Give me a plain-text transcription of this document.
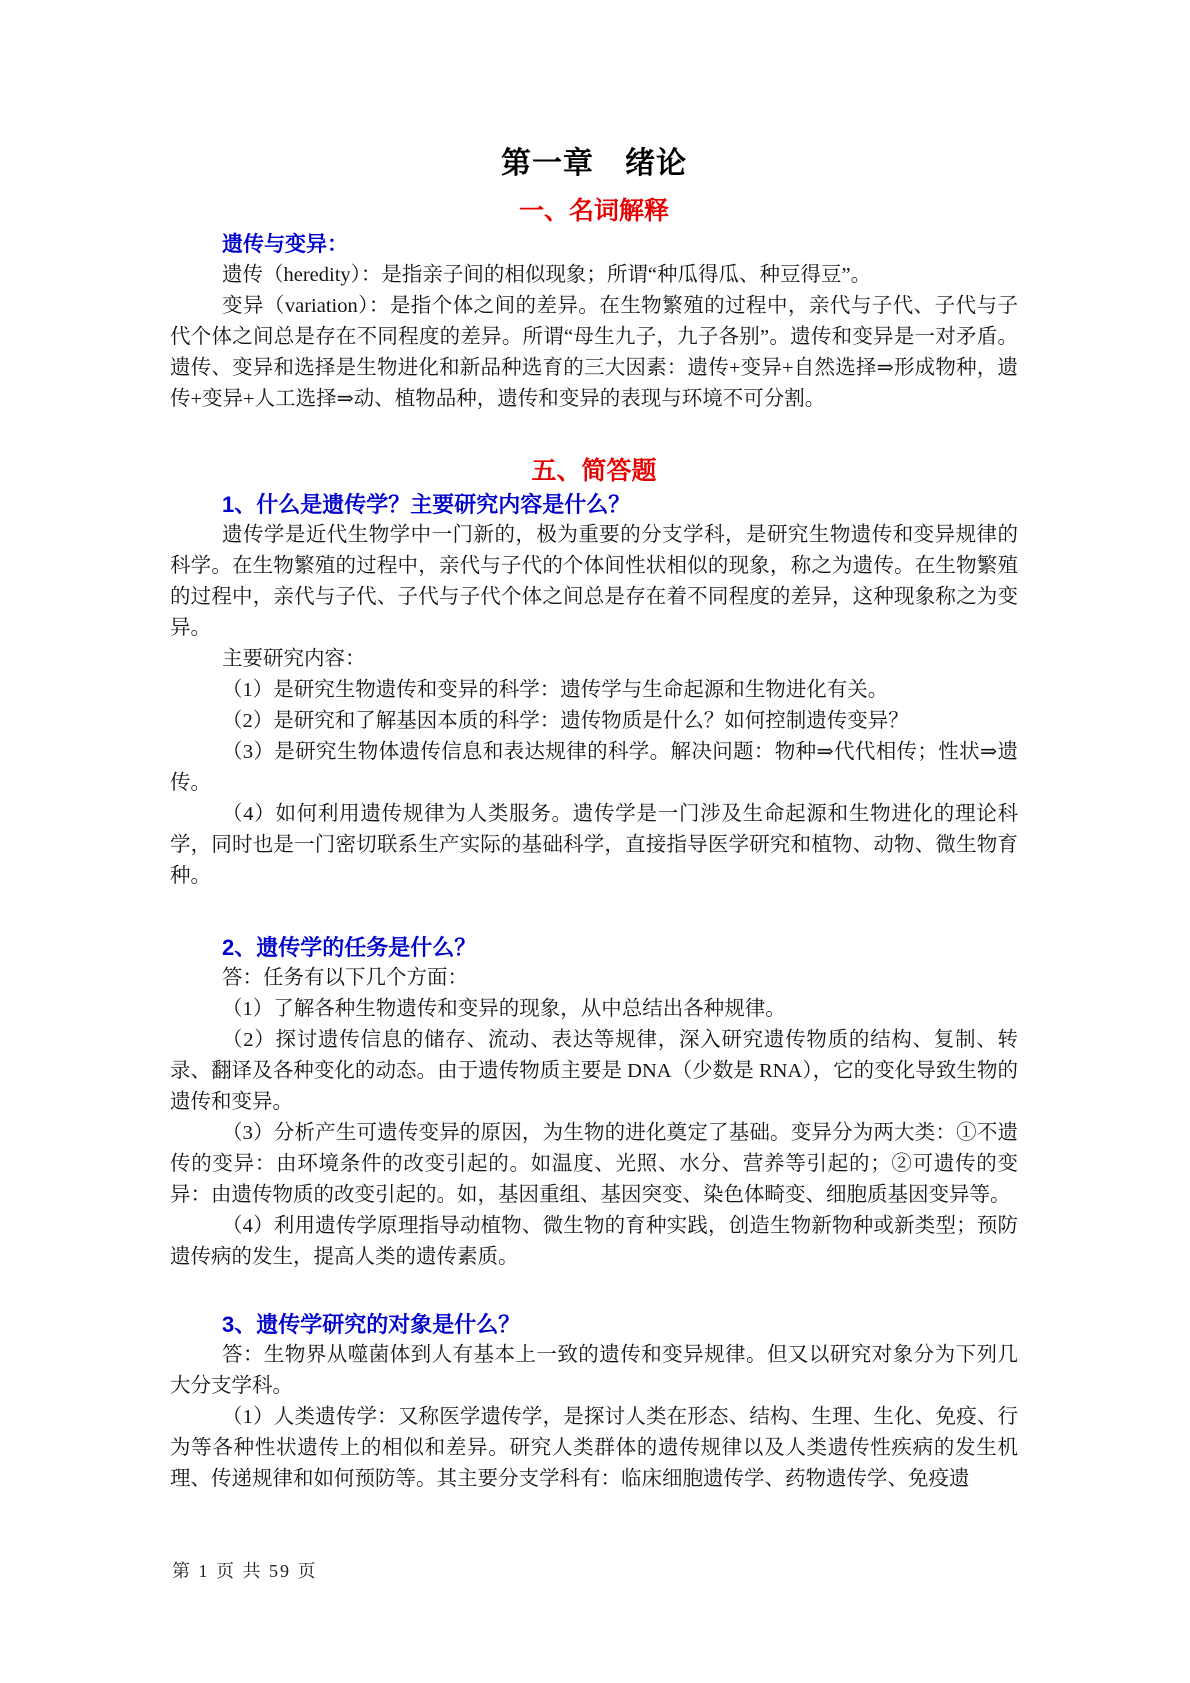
第一章　绪论
一、名词解释

遗传与变异：

遗传（heredity）：是指亲子间的相似现象；所谓“种瓜得瓜、种豆得豆”。

变异（variation）：是指个体之间的差异。在生物繁殖的过程中，亲代与子代、子代与子代个体之间总是存在不同程度的差异。所谓“母生九子，九子各别”。遗传和变异是一对矛盾。遗传、变异和选择是生物进化和新品种选育的三大因素：遗传+变异+自然选择⇒形成物种，遗传+变异+人工选择⇒动、植物品种，遗传和变异的表现与环境不可分割。

五、简答题

1、什么是遗传学？主要研究内容是什么？

遗传学是近代生物学中一门新的，极为重要的分支学科，是研究生物遗传和变异规律的科学。在生物繁殖的过程中，亲代与子代的个体间性状相似的现象，称之为遗传。在生物繁殖的过程中，亲代与子代、子代与子代个体之间总是存在着不同程度的差异，这种现象称之为变异。

主要研究内容：

（1）是研究生物遗传和变异的科学：遗传学与生命起源和生物进化有关。

（2）是研究和了解基因本质的科学：遗传物质是什么？如何控制遗传变异？

（3）是研究生物体遗传信息和表达规律的科学。解决问题：物种⇒代代相传；性状⇒遗传。

（4）如何利用遗传规律为人类服务。遗传学是一门涉及生命起源和生物进化的理论科学，同时也是一门密切联系生产实际的基础科学，直接指导医学研究和植物、动物、微生物育种。

2、遗传学的任务是什么？

答：任务有以下几个方面：

（1）了解各种生物遗传和变异的现象，从中总结出各种规律。

（2）探讨遗传信息的储存、流动、表达等规律，深入研究遗传物质的结构、复制、转录、翻译及各种变化的动态。由于遗传物质主要是 DNA（少数是 RNA），它的变化导致生物的遗传和变异。

（3）分析产生可遗传变异的原因，为生物的进化奠定了基础。变异分为两大类：①不遗传的变异：由环境条件的改变引起的。如温度、光照、水分、营养等引起的；②可遗传的变异：由遗传物质的改变引起的。如，基因重组、基因突变、染色体畸变、细胞质基因变异等。

（4）利用遗传学原理指导动植物、微生物的育种实践，创造生物新物种或新类型；预防遗传病的发生，提高人类的遗传素质。

3、遗传学研究的对象是什么？

答：生物界从噬菌体到人有基本上一致的遗传和变异规律。但又以研究对象分为下列几大分支学科。

（1）人类遗传学：又称医学遗传学，是探讨人类在形态、结构、生理、生化、免疫、行为等各种性状遗传上的相似和差异。研究人类群体的遗传规律以及人类遗传性疾病的发生机理、传递规律和如何预防等。其主要分支学科有：临床细胞遗传学、药物遗传学、免疫遗

第 1 页 共 59 页
